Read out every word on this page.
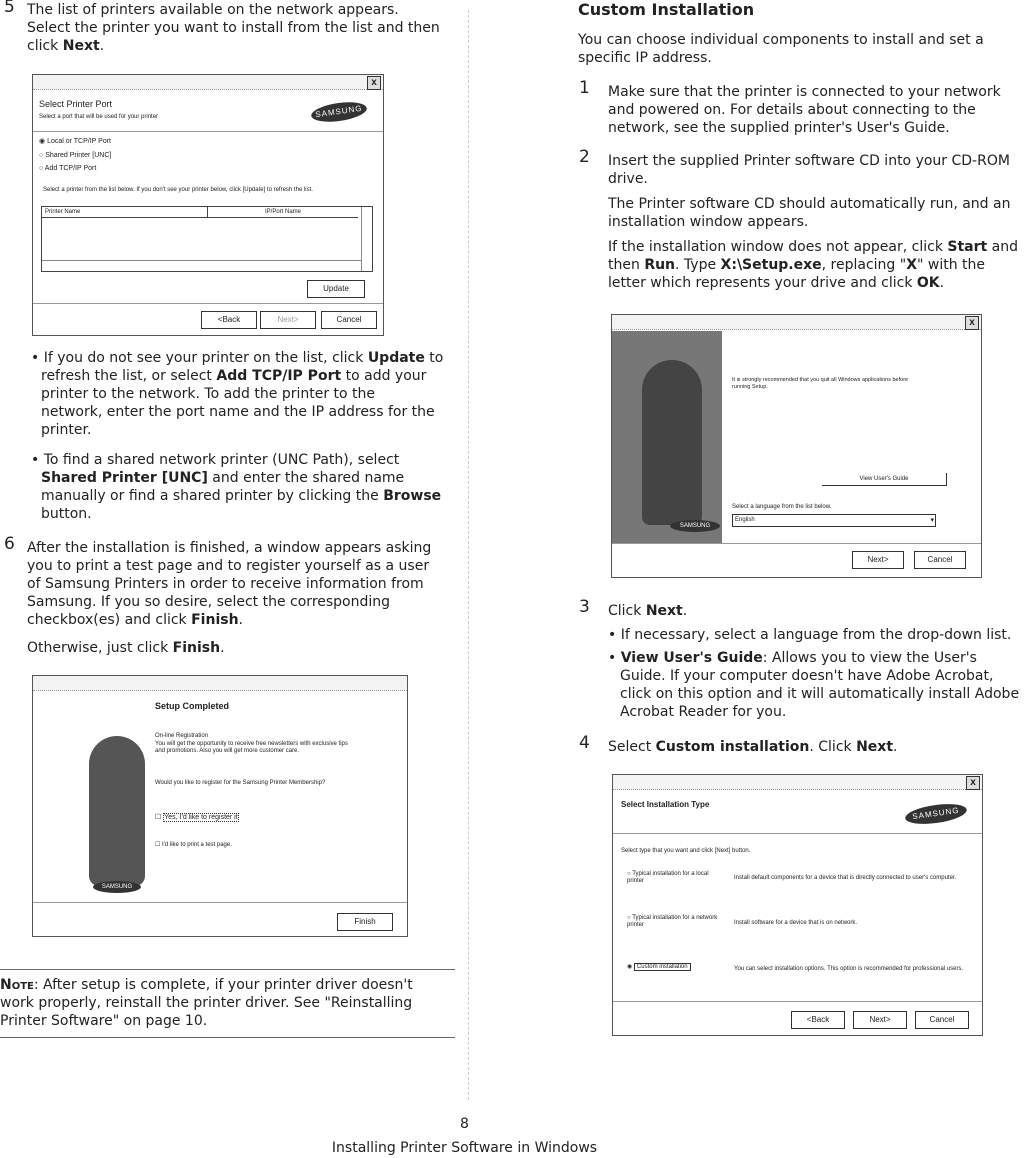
5 The list of printers available on the network appears.
Select the printer you want to install from the list and then
click Next.
x
Select Printer Port
Select a port that will be used for your printer	SAMSUNG
◉ Local or TCP/IP Port
○ Shared Printer [UNC]
○ Add TCP/IP Port
Select a printer from the list below. If you don't see your printer below, click [Update] to refresh the list.
Printer Name	IP/Port Name
Update
<Back	Next>	Cancel
• If you do not see your printer on the list, click Update to
refresh the list, or select Add TCP/IP Port to add your
printer to the network. To add the printer to the
network, enter the port name and the IP address for the
printer.
• To find a shared network printer (UNC Path), select
Shared Printer [UNC] and enter the shared name
manually or find a shared printer by clicking the Browse
button.
6 After the installation is finished, a window appears asking
you to print a test page and to register yourself as a user
of Samsung Printers in order to receive information from
Samsung. If you so desire, select the corresponding
checkbox(es) and click Finish.
Otherwise, just click Finish.
SAMSUNG
Setup Completed
On-line Registration
You will get the opportunity to receive free newsletters with exclusive tips
and promotions. Also you will get more customer care.
Would you like to register for the Samsung Printer Membership?
☐ Yes, I'd like to register it
☐ I'd like to print a test page.
Finish
Note: After setup is complete, if your printer driver doesn't
work properly, reinstall the printer driver. See "Reinstalling
Printer Software" on page 10.
Custom Installation
You can choose individual components to install and set a
specific IP address.
1 Make sure that the printer is connected to your network
and powered on. For details about connecting to the
network, see the supplied printer's User's Guide.
2 Insert the supplied Printer software CD into your CD-ROM
drive.
The Printer software CD should automatically run, and an
installation window appears.
If the installation window does not appear, click Start and
then Run. Type X:\Setup.exe, replacing "X" with the
letter which represents your drive and click OK.
x
SAMSUNG
It is strongly recommended that you quit all Windows applications before
running Setup.
View User's Guide
Select a language from the list below.
English	▾
Next>	Cancel
3 Click Next.
• If necessary, select a language from the drop-down list.
• View User's Guide: Allows you to view the User's
Guide. If your computer doesn't have Adobe Acrobat,
click on this option and it will automatically install Adobe
Acrobat Reader for you.
4 Select Custom installation. Click Next.
x
Select Installation Type
SAMSUNG
Select type that you want and click [Next] button.
○ Typical installation for a local printer	Install default components for a device that is directly connected to user's computer.
○ Typical installation for a network printer	Install software for a device that is on network.
◉ Custom installation	You can select installation options. This option is recommended for professional users.
<Back	Next>	Cancel
8
Installing Printer Software in Windows
